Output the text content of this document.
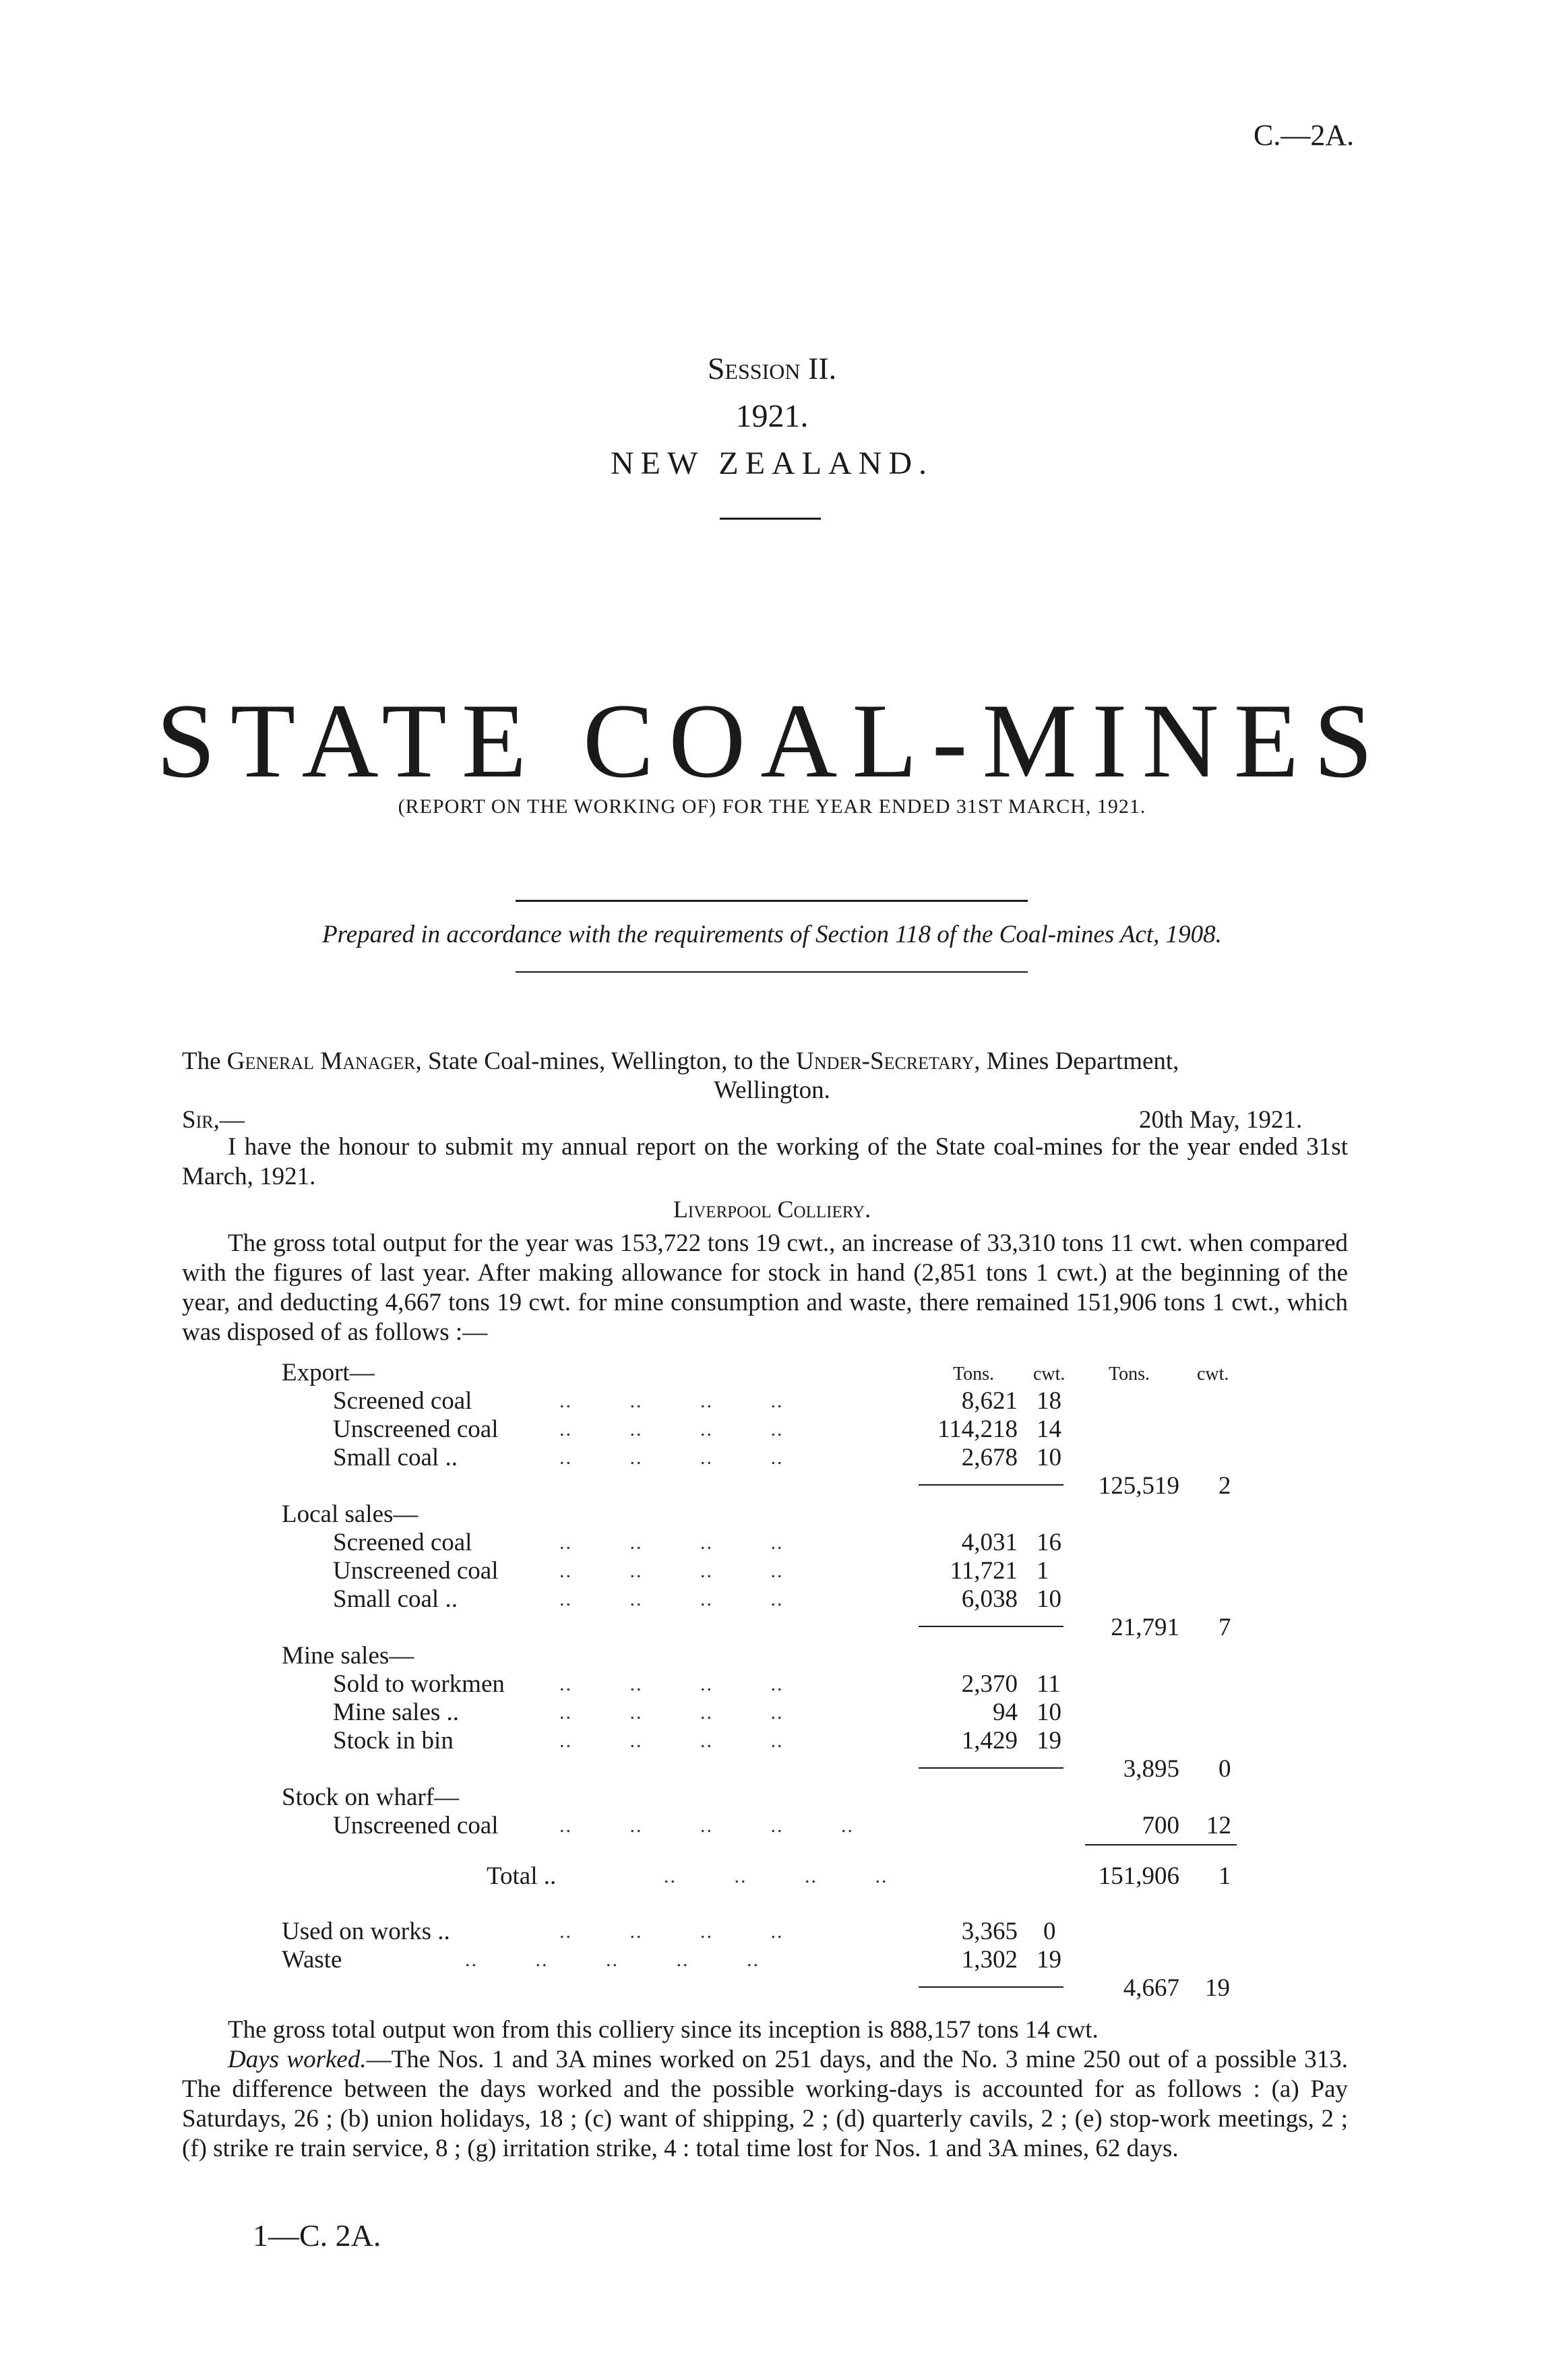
C.—2A.
Session II.
1921.
NEW ZEALAND.
STATE COAL-MINES
(REPORT ON THE WORKING OF) FOR THE YEAR ENDED 31ST MARCH, 1921.
Prepared in accordance with the requirements of Section 118 of the Coal-mines Act, 1908.
The General Manager, State Coal-mines, Wellington, to the Under-Secretary, Mines Department,
Wellington.
Sir,—	20th May, 1921.
I have the honour to submit my annual report on the working of the State coal-mines for the year ended 31st March, 1921.
Liverpool Colliery.
The gross total output for the year was 153,722 tons 19 cwt., an increase of 33,310 tons 11 cwt. when compared with the figures of last year. After making allowance for stock in hand (2,851 tons 1 cwt.) at the beginning of the year, and deducting 4,667 tons 19 cwt. for mine consumption and waste, there remained 151,906 tons 1 cwt., which was disposed of as follows :—
Tons. cwt. Tons. cwt.
Export—
Screened coal	..         ..         ..         ..	8,621 18
Unscreened coal	..         ..         ..         ..	114,218 14
Small coal ..	..         ..         ..         ..	2,678 10
125,519 2
Local sales—
Screened coal	..         ..         ..         ..	4,031 16
Unscreened coal	..         ..         ..         ..	11,721 1
Small coal ..	..         ..         ..         ..	6,038 10
21,791 7
Mine sales—
Sold to workmen	..         ..         ..         ..	2,370 11
Mine sales ..	..         ..         ..         ..	94 10
Stock in bin	..         ..         ..         ..	1,429 19
3,895 0
Stock on wharf—
Unscreened coal	..         ..         ..         ..         ..	700 12
Total ..	..         ..         ..         ..	151,906 1
Used on works ..	..         ..         ..         ..	3,365 0
Waste	..         ..         ..         ..         ..	1,302 19
4,667 19
The gross total output won from this colliery since its inception is 888,157 tons 14 cwt.
Days worked.—The Nos. 1 and 3A mines worked on 251 days, and the No. 3 mine 250 out of a possible 313. The difference between the days worked and the possible working-days is accounted for as follows : (a) Pay Saturdays, 26 ; (b) union holidays, 18 ; (c) want of shipping, 2 ; (d) quarterly cavils, 2 ; (e) stop-work meetings, 2 ; (f) strike re train service, 8 ; (g) irritation strike, 4 : total time lost for Nos. 1 and 3A mines, 62 days.
1—C. 2A.
